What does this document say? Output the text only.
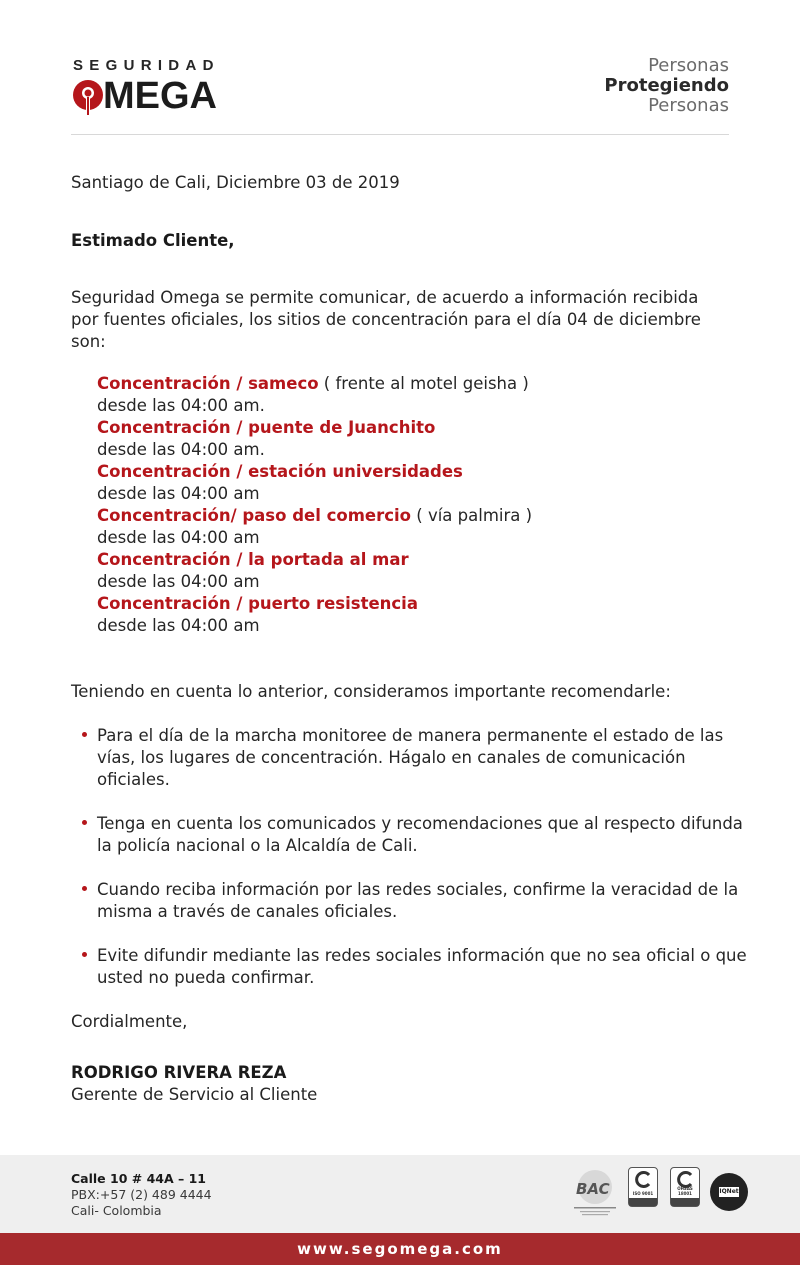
SEGURIDAD
MEGA
Personas
Protegiendo
Personas
Santiago de Cali, Diciembre 03 de 2019
Estimado Cliente,
Seguridad Omega se permite comunicar, de acuerdo a información recibida por fuentes oficiales, los sitios de concentración para el día 04 de diciembre son:
Concentración / sameco ( frente al motel geisha )
desde las 04:00 am.
Concentración / puente de Juanchito
desde las 04:00 am.
Concentración / estación universidades
desde las 04:00 am
Concentración/ paso del comercio ( vía palmira )
desde las 04:00 am
Concentración / la portada al mar
desde las 04:00 am
Concentración / puerto resistencia
desde las 04:00 am
Teniendo en cuenta lo anterior, consideramos importante recomendarle:
Para el día de la marcha monitoree de manera permanente el estado de las vías, los lugares de concentración. Hágalo en canales de comunicación oficiales.
Tenga en cuenta los comunicados y recomendaciones que al respecto difunda la policía nacional o la Alcaldía de Cali.
Cuando reciba información por las redes sociales, confirme la veracidad de la misma a través de canales oficiales.
Evite difundir mediante las redes sociales información que no sea oficial o que usted no pueda confirmar.
Cordialmente,
RODRIGO RIVERA REZA
Gerente de Servicio al Cliente
Calle 10 # 44A – 11
PBX:+57 (2) 489 4444
Cali- Colombia
BAC	ISO 9001
OHSAS 18001	IQNet
www.segomega.com
